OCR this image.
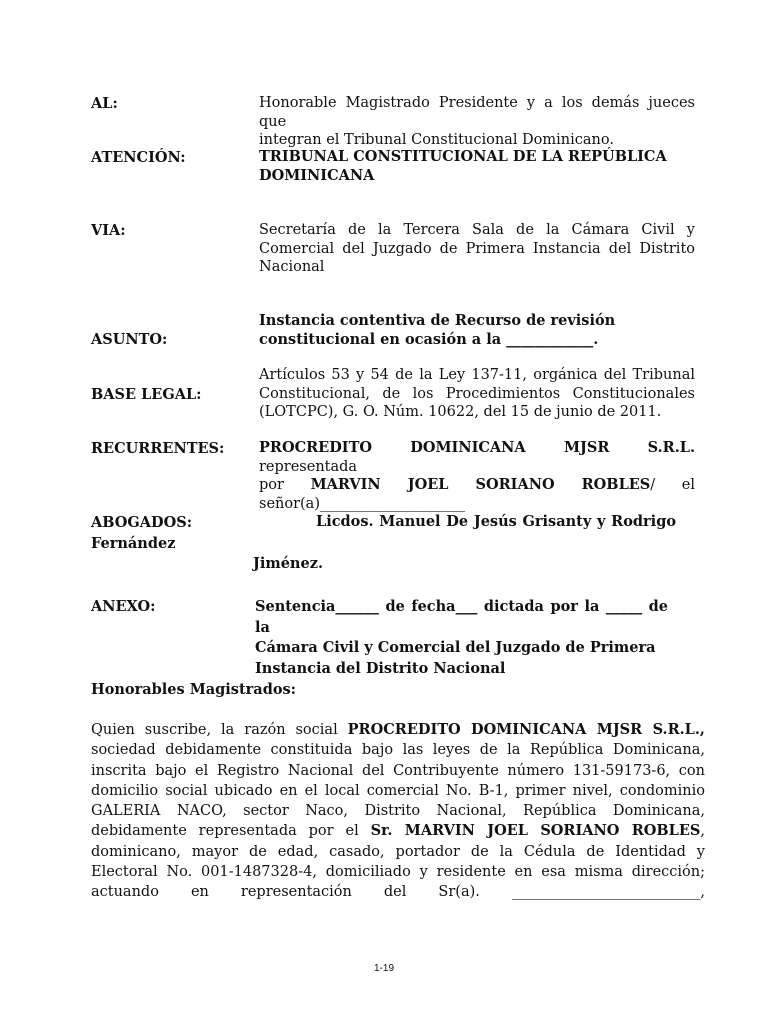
AL:	Honorable Magistrado Presidente y a los demás jueces que
integran el Tribunal Constitucional Dominicano.
ATENCIÓN:	TRIBUNAL CONSTITUCIONAL DE LA REPÚBLICA
DOMINICANA
VIA:	Secretaría de la Tercera Sala de la Cámara Civil y
Comercial del Juzgado de Primera Instancia del Distrito
Nacional
ASUNTO:
Instancia contentiva de Recurso de revisión
constitucional en ocasión a la ____________.
BASE LEGAL:
Artículos 53 y 54 de la Ley 137-11, orgánica del Tribunal
Constitucional, de los Procedimientos Constitucionales
(LOTCPC), G. O. Núm. 10622, del 15 de junio de 2011.
RECURRENTES: PROCREDITO DOMINICANA MJSR S.R.L. representada
por MARVIN JOEL SORIANO ROBLES/ el
señor(a)____________________
ABOGADOS:	Licdos. Manuel De Jesús Grisanty y Rodrigo
Fernández
Jiménez.
ANEXO:	Sentencia______ de fecha___ dictada por la _____ de la
Cámara Civil y Comercial del Juzgado de Primera
Instancia del Distrito Nacional
Honorables Magistrados:
Quien suscribe, la razón social PROCREDITO DOMINICANA MJSR S.R.L.,
sociedad debidamente constituida bajo las leyes de la República Dominicana,
inscrita bajo el Registro Nacional del Contribuyente número 131-59173-6, con
domicilio social ubicado en el local comercial No. B-1, primer nivel, condominio
GALERIA NACO, sector Naco, Distrito Nacional, República Dominicana,
debidamente representada por el Sr. MARVIN JOEL SORIANO ROBLES,
dominicano, mayor de edad, casado, portador de la Cédula de Identidad y
Electoral No. 001-1487328-4, domiciliado y residente en esa misma dirección;
actuando en representación del Sr(a). __________________________,
1-19
